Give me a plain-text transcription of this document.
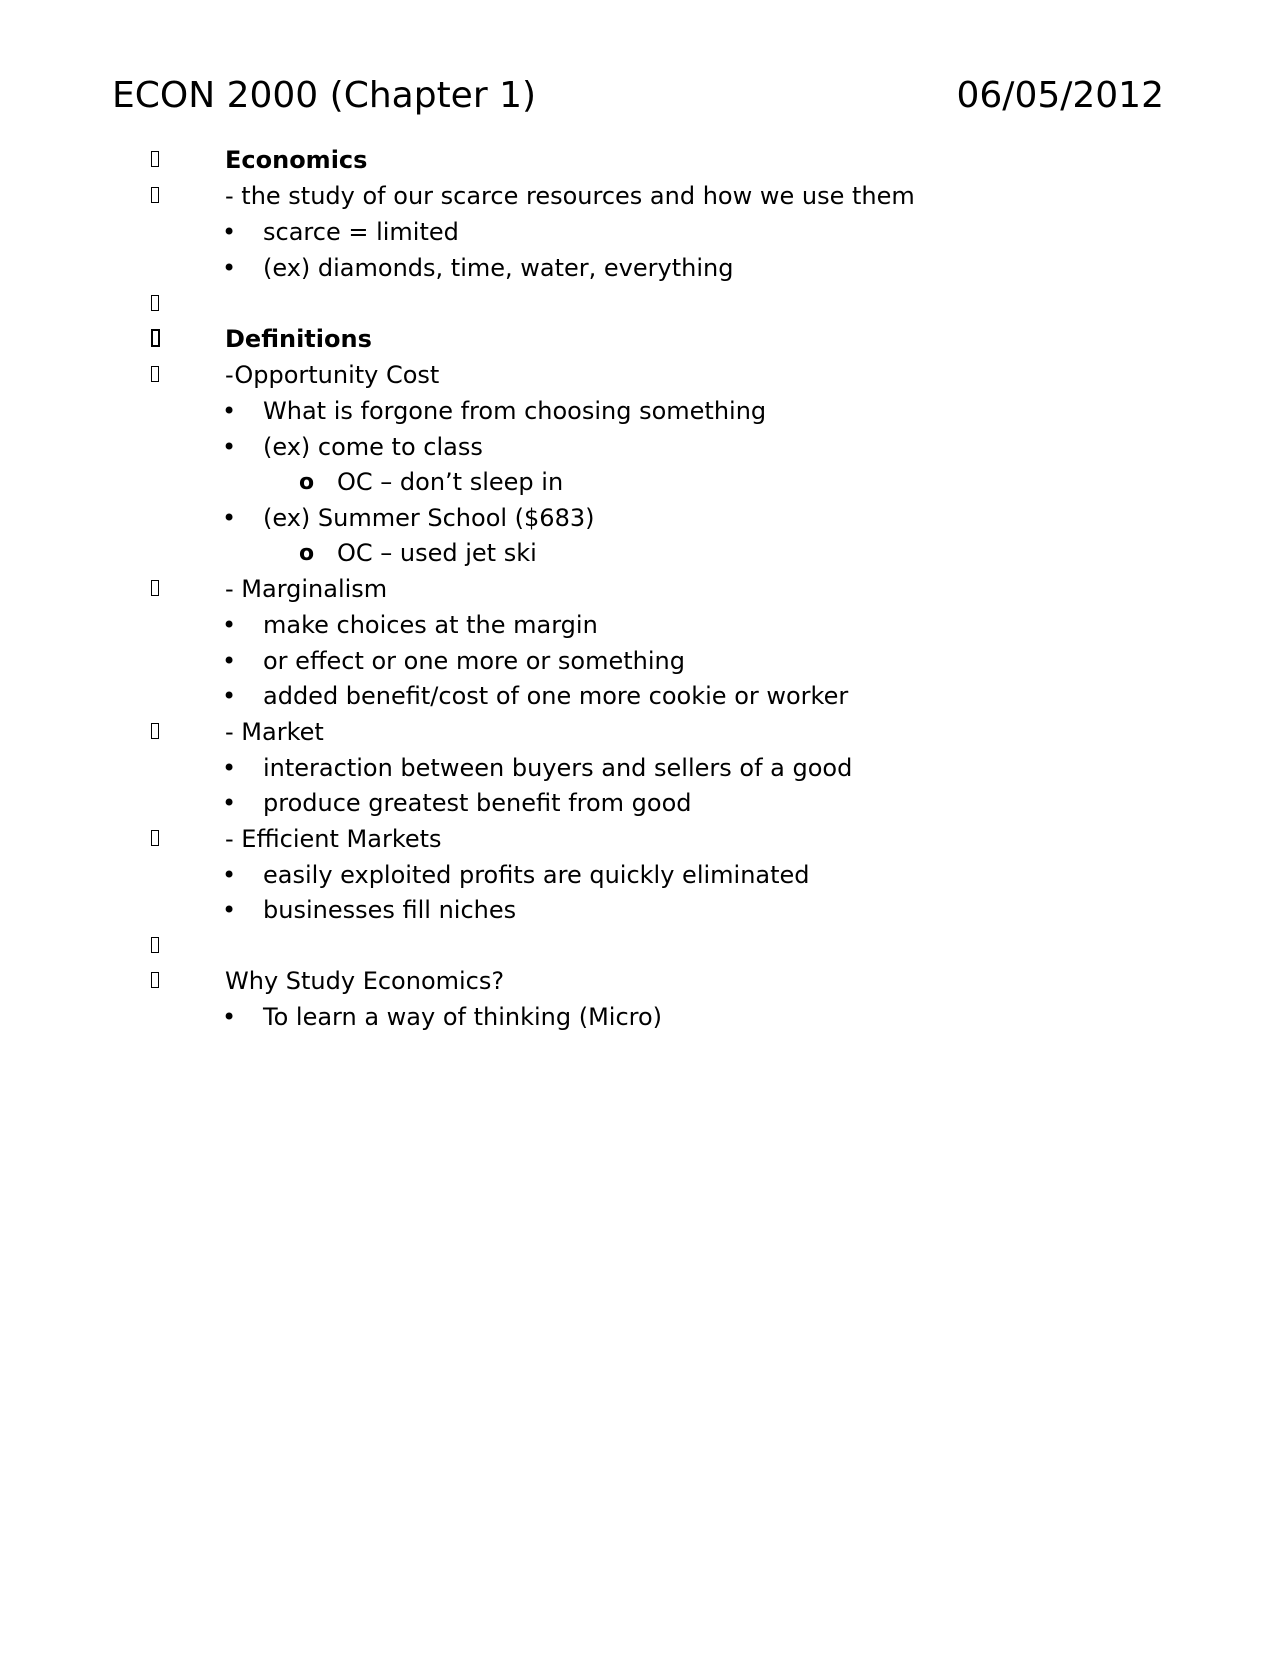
ECON 2000 (Chapter 1)	06/05/2012
Economics
- the study of our scarce resources and how we use them
• scarce = limited
• (ex) diamonds, time, water, everything
Definitions
-Opportunity Cost
• What is forgone from choosing something
• (ex) come to class
o OC – don’t sleep in
• (ex) Summer School ($683)
o OC – used jet ski
- Marginalism
• make choices at the margin
• or effect or one more or something
• added benefit/cost of one more cookie or worker
- Market
• interaction between buyers and sellers of a good
• produce greatest benefit from good
- Efficient Markets
• easily exploited profits are quickly eliminated
• businesses fill niches
Why Study Economics?
• To learn a way of thinking (Micro)
